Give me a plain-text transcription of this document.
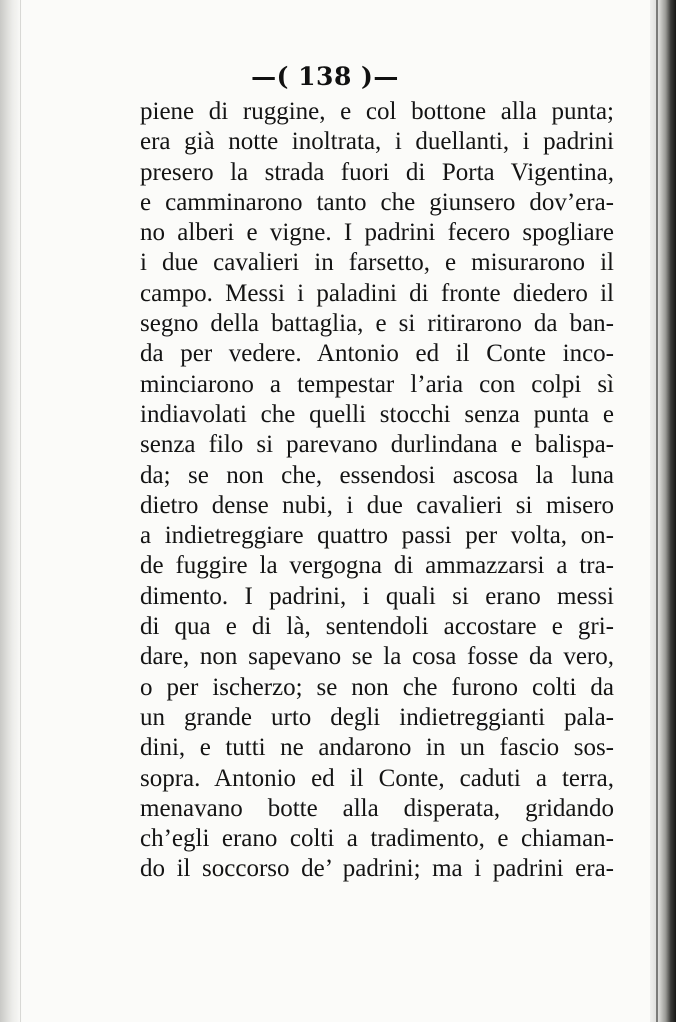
—( 138 )—
piene di ruggine, e col bottone alla punta;
era già notte inoltrata, i duellanti, i padrini
presero la strada fuori di Porta Vigentina,
e camminarono tanto che giunsero dov’era-
no alberi e vigne. I padrini fecero spogliare
i due cavalieri in farsetto, e misurarono il
campo. Messi i paladini di fronte diedero il
segno della battaglia, e si ritirarono da ban-
da per vedere. Antonio ed il Conte inco-
minciarono a tempestar l’aria con colpi sì
indiavolati che quelli stocchi senza punta e
senza filo si parevano durlindana e balispa-
da; se non che, essendosi ascosa la luna
dietro dense nubi, i due cavalieri si misero
a indietreggiare quattro passi per volta, on-
de fuggire la vergogna di ammazzarsi a tra-
dimento. I padrini, i quali si erano messi
di qua e di là, sentendoli accostare e gri-
dare, non sapevano se la cosa fosse da vero,
o per ischerzo; se non che furono colti da
un grande urto degli indietreggianti pala-
dini, e tutti ne andarono in un fascio sos-
sopra. Antonio ed il Conte, caduti a terra,
menavano botte alla disperata, gridando
ch’egli erano colti a tradimento, e chiaman-
do il soccorso de’ padrini; ma i padrini era-
